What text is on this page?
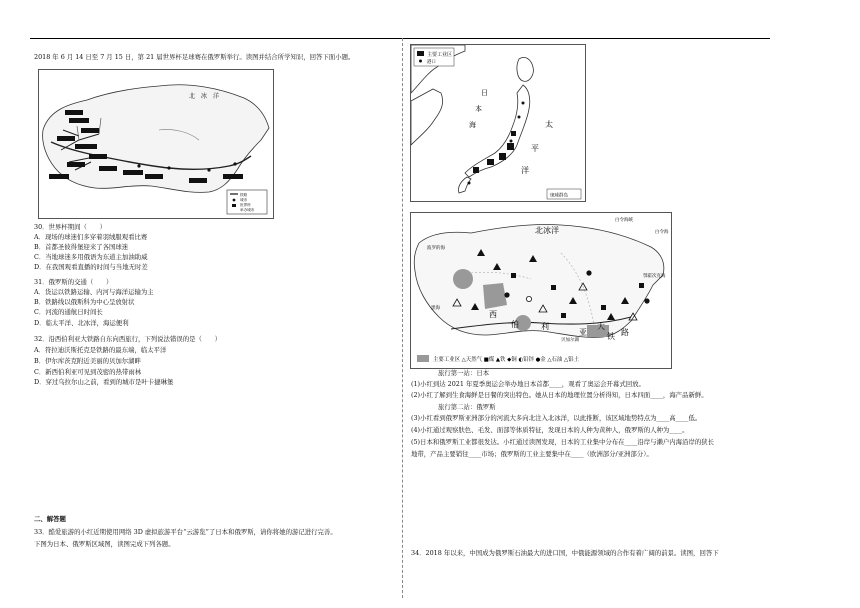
2018 年 6 月 14 日至 7 月 15 日，第 21 届世界杯足球赛在俄罗斯举行。读图并结合所学知识，回答下面小题。
北　冰　洋
铁路
城市
世界杯
举办城市
30．世界杯期间（　　）
A．现场的球迷们多穿着羽绒服观看比赛
B．首都圣彼得堡迎来了各国球迷
C．当地球迷多用俄语为东道主加油助威
D．在我国观看直播的时间与当地无时差
31．俄罗斯的交通（　　）
A．货运以铁路运输、内河与海洋运输为主
B．铁路线以俄斯科为中心呈放射状
C．河流的通航日时间长
D．临太平洋、北冰洋，海运便利
32．沿西伯利亚大铁路自东向西旅行，下列说法错误的是（　　）
A．符拉迪沃斯托克是铁路的最东端，临太平洋
B．伊尔库茨克附近美丽的贝加尔湖畔
C．新西伯利亚可见到茂密的热带雨林
D．穿过乌拉尔山之前，看到的城市是叶卡捷琳堡
二、解答题
33．酷爱旅游的小红近期使用网络 3D 虚拟旅游平台“云游览”了日本和俄罗斯，请你将她的游记进行完善。
下图为日本、俄罗斯区域图，读图完成下列各题。
主要工业区
港口
日
本
海	太
平
洋
琉球群岛
北冰洋
白令海峡
白令海
波罗的海
黑海
鄂霍次克海
贝加尔湖
西
伯	利
亚
大
铁 路
主要工业区 △天然气 ■煤 ▲铁 ◆铜 ◐铅锌 ●金 △石油 △铝土
旅行第一站：日本
(1)小红到达 2021 年夏季奥运会举办地日本首都____，观看了奥运会开幕式回放。
(2)小红了解到生食海鲜是日餐的突出特色。她从日本的地理位置分析得知，日本四面____，海产品新鲜。
旅行第二站：俄罗斯
(3)小红看到俄罗斯亚洲部分的河流大多向北注入北冰洋，以此推断，该区域地势特点为____高____低。
(4)小红通过观察肤色、毛发、面部等体质特征，发现日本的人种为黄种人，俄罗斯的人种为____。
(5)日本和俄罗斯工业都很发达。小红通过读图发现，日本的工业集中分布在____沿岸与濑户内海沿岸的狭长
地带，产品主要销往____市场；俄罗斯的工业主要集中在____（欧洲部分/亚洲部分）。
34．2018 年以来，中国成为俄罗斯石油最大的进口国，中俄能源领域的合作有着广阔的前景。读图，回答下
